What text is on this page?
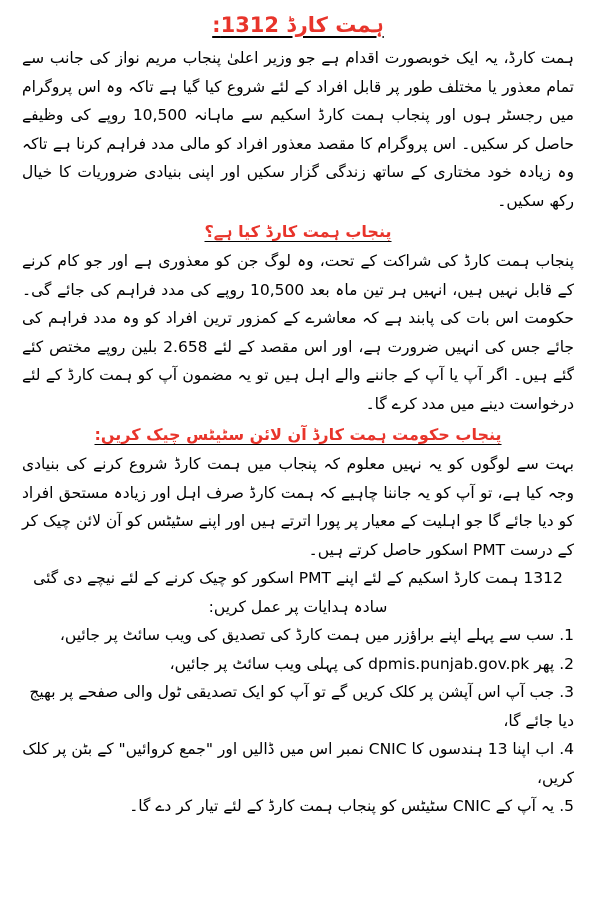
ہمت کارڈ 1312:

ہمت کارڈ، یہ ایک خوبصورت اقدام ہے جو وزیر اعلیٰ پنجاب مریم نواز کی جانب سے تمام معذور یا مختلف طور پر قابل افراد کے لئے شروع کیا گیا ہے تاکہ وہ اس پروگرام میں رجسٹر ہوں اور پنجاب ہمت کارڈ اسکیم سے ماہانہ 10,500 روپے کی وظیفے حاصل کر سکیں۔ اس پروگرام کا مقصد معذور افراد کو مالی مدد فراہم کرنا ہے تاکہ وہ زیادہ خود مختاری کے ساتھ زندگی گزار سکیں اور اپنی بنیادی ضروریات کا خیال رکھ سکیں۔

پنجاب ہمت کارڈ کیا ہے؟

پنجاب ہمت کارڈ کی شراکت کے تحت، وہ لوگ جن کو معذوری ہے اور جو کام کرنے کے قابل نہیں ہیں، انہیں ہر تین ماہ بعد 10,500 روپے کی مدد فراہم کی جائے گی۔ حکومت اس بات کی پابند ہے کہ معاشرے کے کمزور ترین افراد کو وہ مدد فراہم کی جائے جس کی انہیں ضرورت ہے، اور اس مقصد کے لئے 2.658 بلین روپے مختص کئے گئے ہیں۔ اگر آپ یا آپ کے جاننے والے اہل ہیں تو یہ مضمون آپ کو ہمت کارڈ کے لئے درخواست دینے میں مدد کرے گا۔

پنجاب حکومت ہمت کارڈ آن لائن سٹیٹس چیک کریں:

بہت سے لوگوں کو یہ نہیں معلوم کہ پنجاب میں ہمت کارڈ شروع کرنے کی بنیادی وجہ کیا ہے، تو آپ کو یہ جاننا چاہیے کہ ہمت کارڈ صرف اہل اور زیادہ مستحق افراد کو دیا جائے گا جو اہلیت کے معیار پر پورا اترتے ہیں اور اپنے سٹیٹس کو آن لائن چیک کر کے درست PMT اسکور حاصل کرتے ہیں۔

1312 ہمت کارڈ اسکیم کے لئے اپنے PMT اسکور کو چیک کرنے کے لئے نیچے دی گئی سادہ ہدایات پر عمل کریں:

1. سب سے پہلے اپنے براؤزر میں ہمت کارڈ کی تصدیق کی ویب سائٹ پر جائیں،
2. پھر dpmis.punjab.gov.pk کی پہلی ویب سائٹ پر جائیں،
3. جب آپ اس آپشن پر کلک کریں گے تو آپ کو ایک تصدیقی ٹول والی صفحے پر بھیج دیا جائے گا،
4. اب اپنا 13 ہندسوں کا CNIC نمبر اس میں ڈالیں اور "جمع کروائیں" کے بٹن پر کلک کریں،
5. یہ آپ کے CNIC سٹیٹس کو پنجاب ہمت کارڈ کے لئے تیار کر دے گا۔
